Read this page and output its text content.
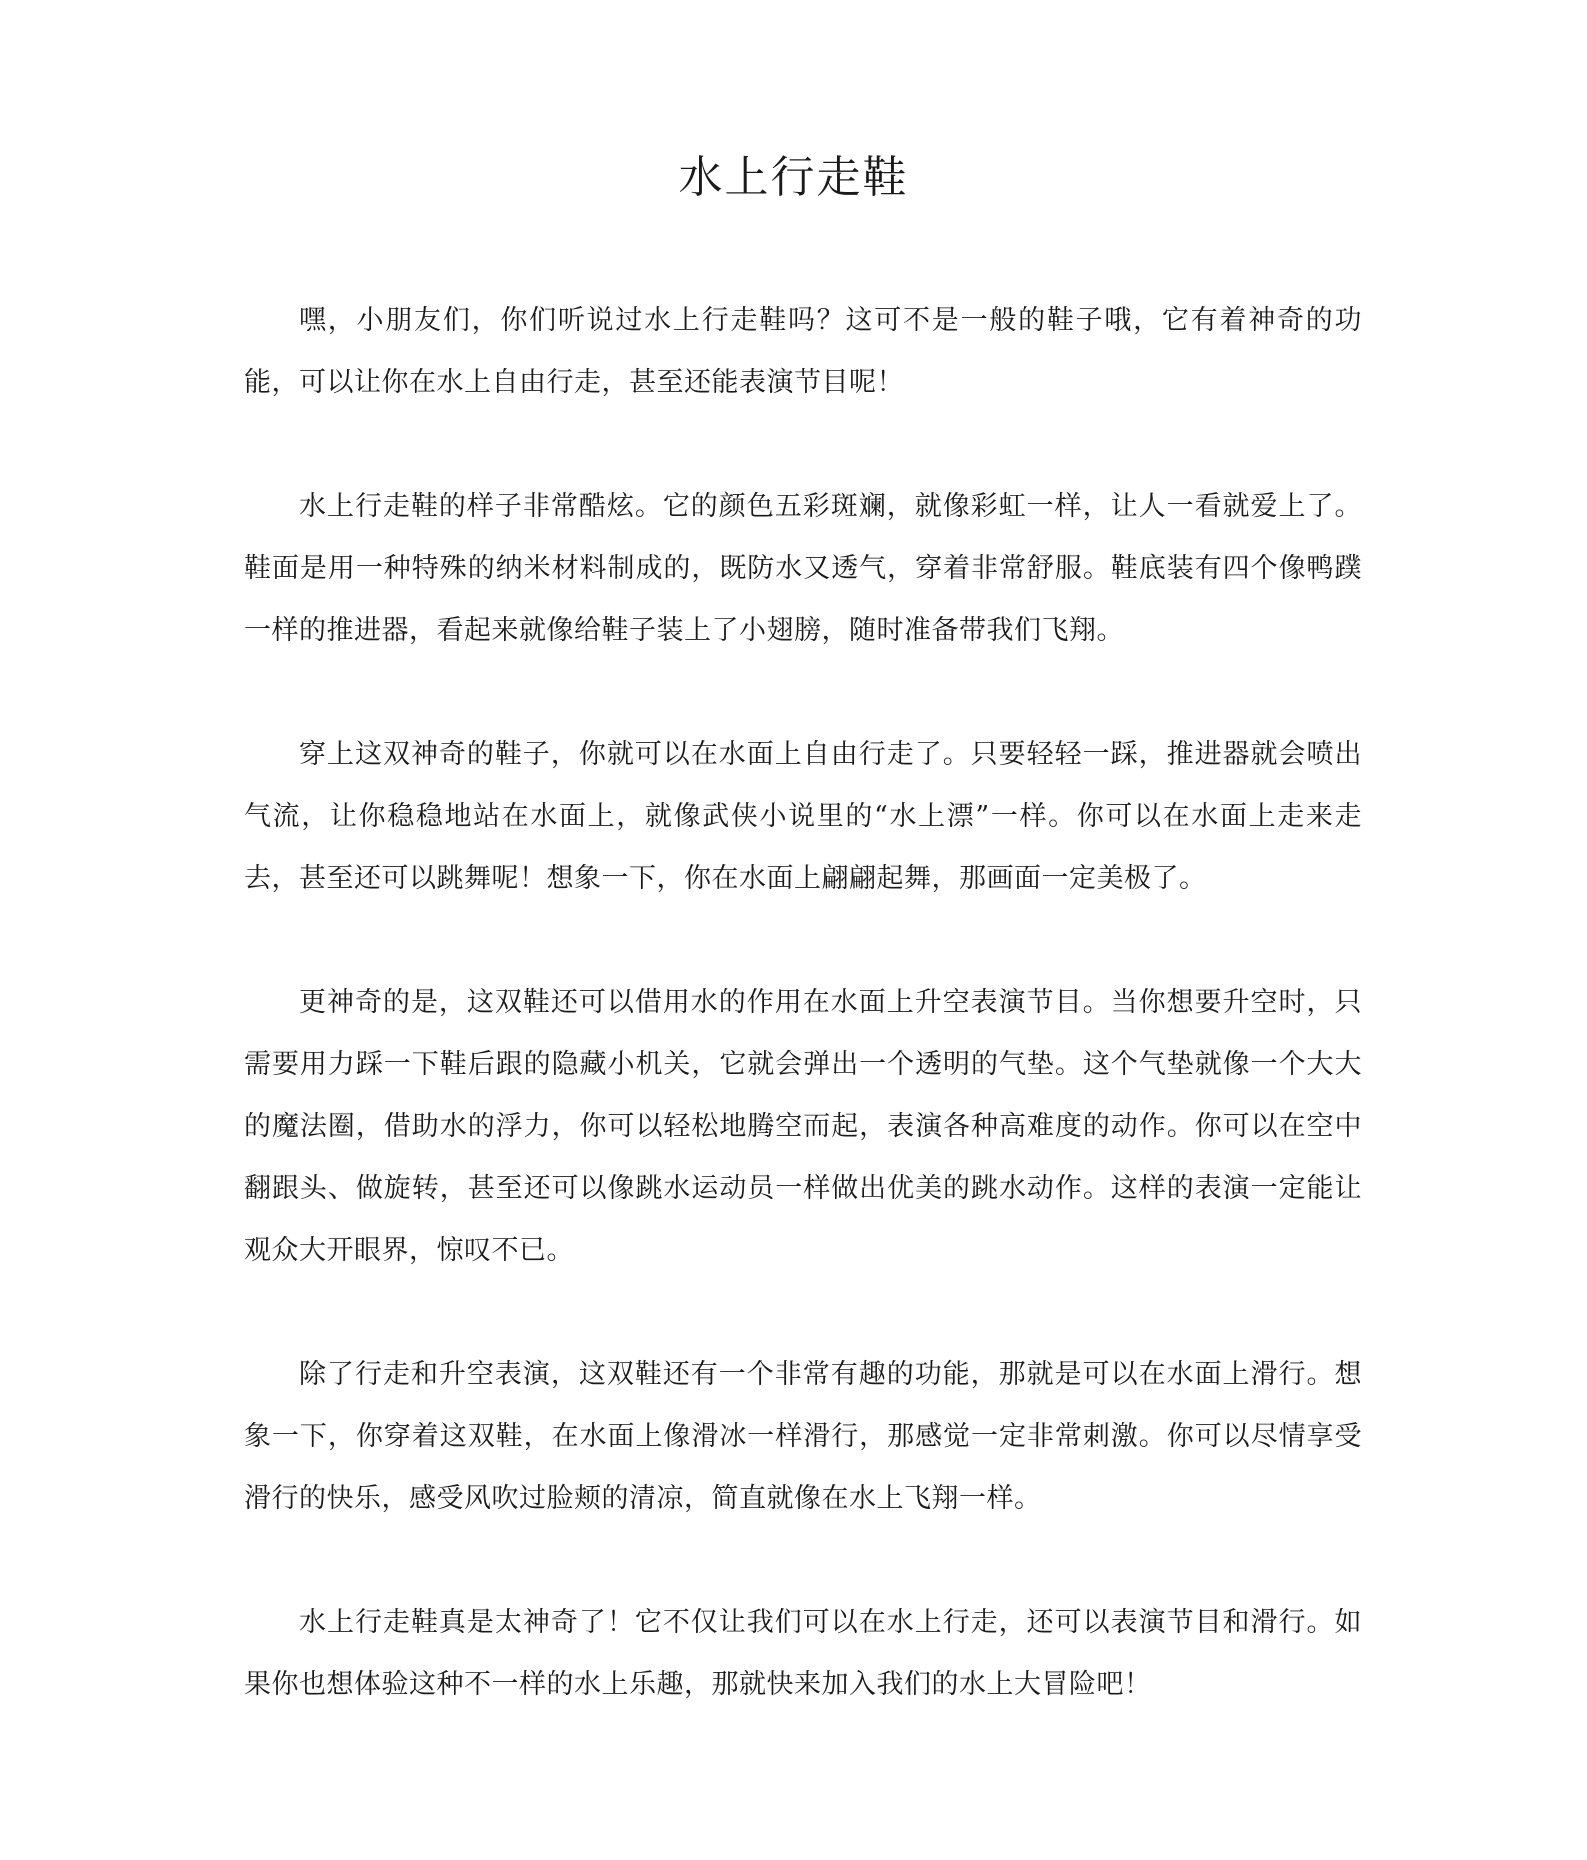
水上行走鞋

嘿，小朋友们，你们听说过水上行走鞋吗？这可不是一般的鞋子哦，它有着神奇的功能，可以让你在水上自由行走，甚至还能表演节目呢！

水上行走鞋的样子非常酷炫。它的颜色五彩斑斓，就像彩虹一样，让人一看就爱上了。鞋面是用一种特殊的纳米材料制成的，既防水又透气，穿着非常舒服。鞋底装有四个像鸭蹼一样的推进器，看起来就像给鞋子装上了小翅膀，随时准备带我们飞翔。

穿上这双神奇的鞋子，你就可以在水面上自由行走了。只要轻轻一踩，推进器就会喷出气流，让你稳稳地站在水面上，就像武侠小说里的“水上漂”一样。你可以在水面上走来走去，甚至还可以跳舞呢！想象一下，你在水面上翩翩起舞，那画面一定美极了。

更神奇的是，这双鞋还可以借用水的作用在水面上升空表演节目。当你想要升空时，只需要用力踩一下鞋后跟的隐藏小机关，它就会弹出一个透明的气垫。这个气垫就像一个大大的魔法圈，借助水的浮力，你可以轻松地腾空而起，表演各种高难度的动作。你可以在空中翻跟头、做旋转，甚至还可以像跳水运动员一样做出优美的跳水动作。这样的表演一定能让观众大开眼界，惊叹不已。

除了行走和升空表演，这双鞋还有一个非常有趣的功能，那就是可以在水面上滑行。想象一下，你穿着这双鞋，在水面上像滑冰一样滑行，那感觉一定非常刺激。你可以尽情享受滑行的快乐，感受风吹过脸颊的清凉，简直就像在水上飞翔一样。

水上行走鞋真是太神奇了！它不仅让我们可以在水上行走，还可以表演节目和滑行。如果你也想体验这种不一样的水上乐趣，那就快来加入我们的水上大冒险吧！
